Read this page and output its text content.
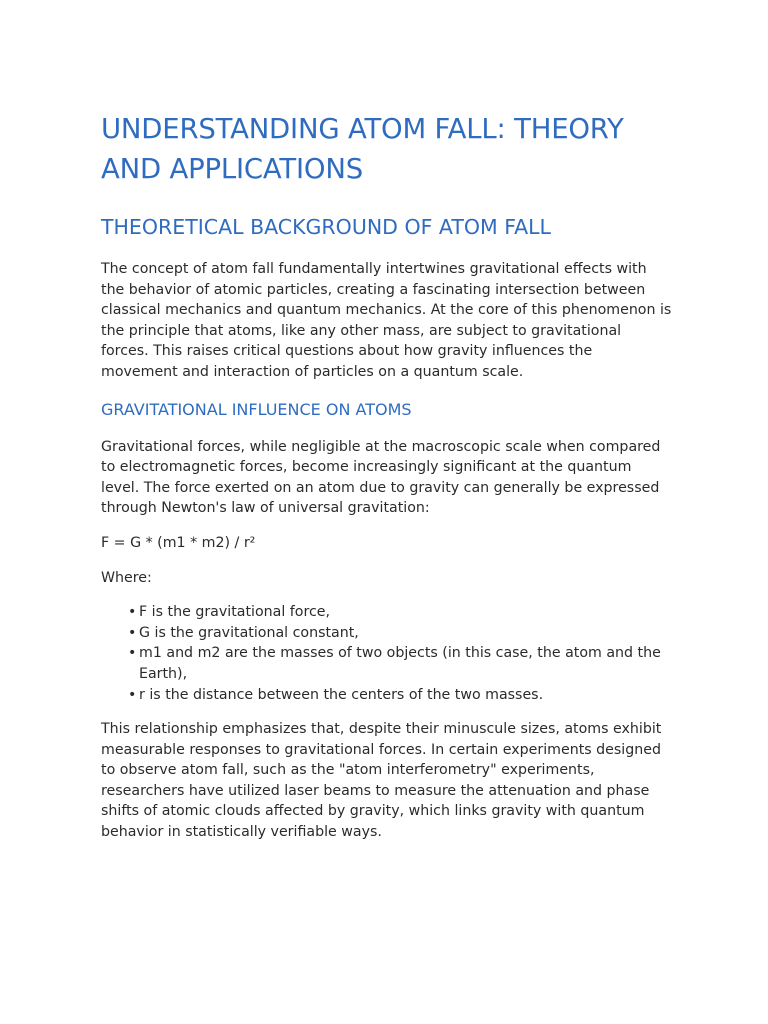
UNDERSTANDING ATOM FALL: THEORY AND APPLICATIONS
THEORETICAL BACKGROUND OF ATOM FALL

The concept of atom fall fundamentally intertwines gravitational effects with the behavior of atomic particles, creating a fascinating intersection between classical mechanics and quantum mechanics. At the core of this phenomenon is the principle that atoms, like any other mass, are subject to gravitational forces. This raises critical questions about how gravity influences the movement and interaction of particles on a quantum scale.

GRAVITATIONAL INFLUENCE ON ATOMS

Gravitational forces, while negligible at the macroscopic scale when compared to electromagnetic forces, become increasingly significant at the quantum level. The force exerted on an atom due to gravity can generally be expressed through Newton's law of universal gravitation:

F = G * (m1 * m2) / r²

Where:

• F is the gravitational force,
• G is the gravitational constant,
• m1 and m2 are the masses of two objects (in this case, the atom and the Earth),
• r is the distance between the centers of the two masses.

This relationship emphasizes that, despite their minuscule sizes, atoms exhibit measurable responses to gravitational forces. In certain experiments designed to observe atom fall, such as the "atom interferometry" experiments, researchers have utilized laser beams to measure the attenuation and phase shifts of atomic clouds affected by gravity, which links gravity with quantum behavior in statistically verifiable ways.
